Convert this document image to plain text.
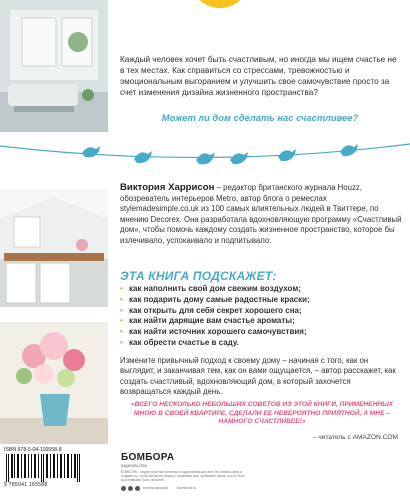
Каждый человек хочет быть счастливым, но иногда мы ищем счастье не в тех местах. Как справиться со стрессами, тревожностью и эмоциональным выгоранием и улучшить свое самочувствие просто за счет изменения дизайна жизненного пространства?

Может ли дом сделать нас счастливее?

Виктория Харрисон – редактор британского журнала Houzz, обозреватель интерьеров Metro, автор блога о ремеслах stylemadesimple.co.uk из 100 самых влиятельных людей в Твиттере, по мнению Decorex. Она разработала вдохновляющую программу «Счастливый дом», чтобы помочь каждому создать жизненное пространство, которое бы излечивало, успокаивало и подпитывало.

ЭТА КНИГА ПОДСКАЖЕТ:

• как наполнить свой дом свежим воздухом;
• как подарить дому самые радостные краски;
• как открыть для себя секрет хорошего сна;
• как найти дарящие вам счастье ароматы;
• как найти источник хорошего самочувствия;
• как обрести счастье в саду.

Измените привычный подход к своему дому – начиная с того, как он выглядит, и заканчивая тем, как он вами ощущается, – автор расскажет, как создать счастливый, вдохновляющий дом, в который захочется возвращаться каждый день.

«ВСЕГО НЕСКОЛЬКО НЕБОЛЬШИХ СОВЕТОВ ИЗ ЭТОЙ КНИГИ, ПРИМЕНЕННЫХ МНОЮ В СВОЕЙ КВАРТИРЕ, СДЕЛАЛИ ЕЕ НЕВЕРОЯТНО ПРИЯТНОЙ, А МНЕ – НАМНОГО СЧАСТЛИВЕЕ!»

– читатель с AMAZON.COM

ISBN 978-5-04-116558-8

9 785041 165588

БОМБОРА

издательство

БОМБОРА – лидер на рынке полезных и вдохновляющих книг. Мы любим книги и создаем их, чтобы вы могли творить, открывать мир, пробовать новое, расти. Быть счастливыми. Быть на волне.

bomborabooks bombora.ru
